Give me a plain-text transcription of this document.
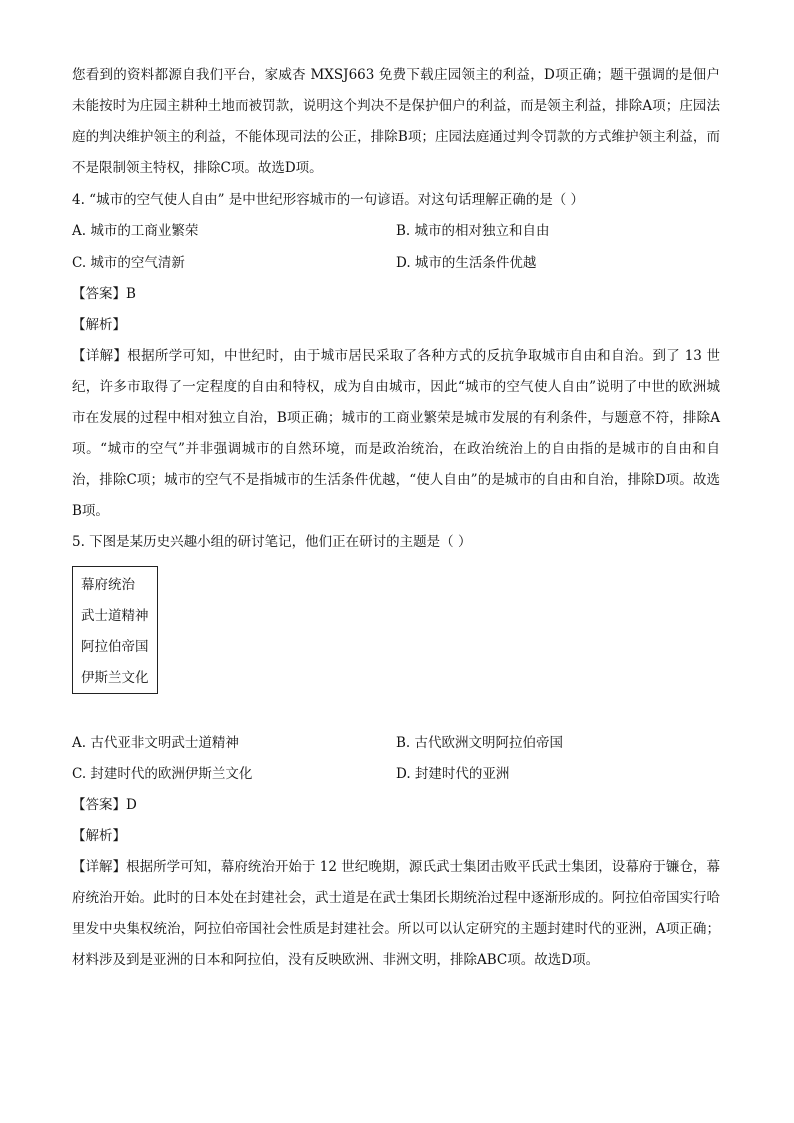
您看到的资料都源自我们平台，家威杏 MXSJ663 免费下载庄园领主的利益，D项正确；题干强调的是佃户未能按时为庄园主耕种土地而被罚款，说明这个判决不是保护佃户的利益，而是领主利益，排除A项；庄园法庭的判决维护领主的利益，不能体现司法的公正，排除B项；庄园法庭通过判令罚款的方式维护领主利益，而不是限制领主特权，排除C项。故选D项。

4. “城市的空气使人自由” 是中世纪形容城市的一句谚语。对这句话理解正确的是（ ）
A. 城市的工商业繁荣	B. 城市的相对独立和自由
C. 城市的空气清新	D. 城市的生活条件优越
【答案】B
【解析】

【详解】根据所学可知，中世纪时，由于城市居民采取了各种方式的反抗争取城市自由和自治。到了 13 世纪，许多市取得了一定程度的自由和特权，成为自由城市，因此“城市的空气使人自由”说明了中世的欧洲城市在发展的过程中相对独立自治，B项正确；城市的工商业繁荣是城市发展的有利条件，与题意不符，排除A项。“城市的空气”并非强调城市的自然环境，而是政治统治，在政治统治上的自由指的是城市的自由和自治，排除C项；城市的空气不是指城市的生活条件优越，“使人自由”的是城市的自由和自治，排除D项。故选B项。

5. 下图是某历史兴趣小组的研讨笔记，他们正在研讨的主题是（ ）
幕府统治
武士道精神
阿拉伯帝国
伊斯兰文化
A. 古代亚非文明武士道精神	B. 古代欧洲文明阿拉伯帝国
C. 封建时代的欧洲伊斯兰文化	D. 封建时代的亚洲
【答案】D
【解析】

【详解】根据所学可知，幕府统治开始于 12 世纪晚期，源氏武士集团击败平氏武士集团，设幕府于镰仓，幕府统治开始。此时的日本处在封建社会，武士道是在武士集团长期统治过程中逐渐形成的。阿拉伯帝国实行哈里发中央集权统治，阿拉伯帝国社会性质是封建社会。所以可以认定研究的主题封建时代的亚洲，A项正确；材料涉及到是亚洲的日本和阿拉伯，没有反映欧洲、非洲文明，排除ABC项。故选D项。
